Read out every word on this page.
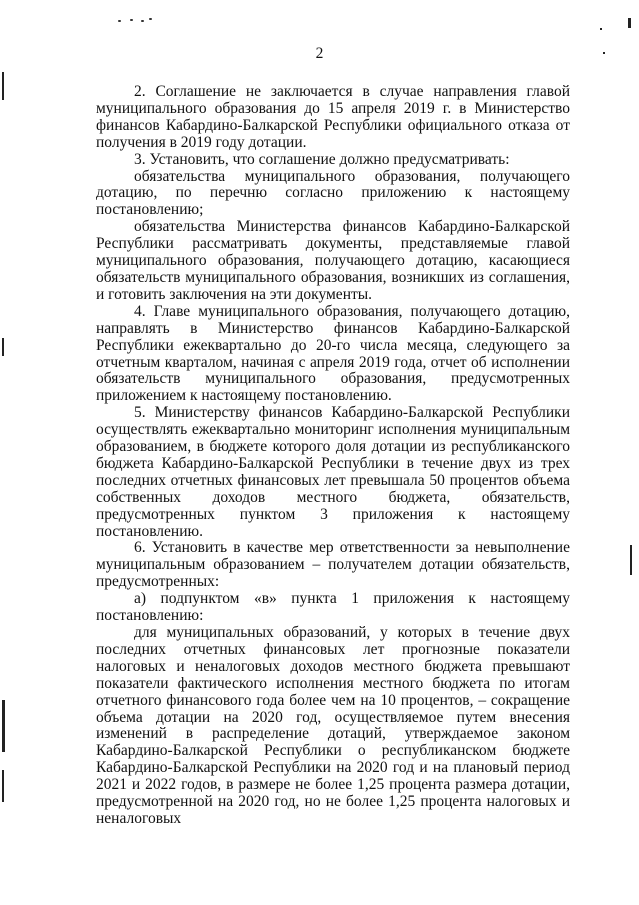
2

2. Соглашение не заключается в случае направления главой муниципального образования до 15 апреля 2019 г. в Министерство финансов Кабардино-Балкарской Республики официального отказа от получения в 2019 году дотации.

3. Установить, что соглашение должно предусматривать:

обязательства муниципального образования, получающего дотацию, по перечню согласно приложению к настоящему постановлению;

обязательства Министерства финансов Кабардино-Балкарской Республики рассматривать документы, представляемые главой муниципального образования, получающего дотацию, касающиеся обязательств муниципального образования, возникших из соглашения, и готовить заключения на эти документы.

4. Главе муниципального образования, получающего дотацию, направлять в Министерство финансов Кабардино-Балкарской Республики ежеквартально до 20-го числа месяца, следующего за отчетным кварталом, начиная с апреля 2019 года, отчет об исполнении обязательств муниципального образования, предусмотренных приложением к настоящему постановлению.

5. Министерству финансов Кабардино-Балкарской Республики осуществлять ежеквартально мониторинг исполнения муниципальным образованием, в бюджете которого доля дотации из республиканского бюджета Кабардино-Балкарской Республики в течение двух из трех последних отчетных финансовых лет превышала 50 процентов объема собственных доходов местного бюджета, обязательств, предусмотренных пунктом 3 приложения к настоящему постановлению.

6. Установить в качестве мер ответственности за невыполнение муниципальным образованием – получателем дотации обязательств, предусмотренных:

а) подпунктом «в» пункта 1 приложения к настоящему постановлению:

для муниципальных образований, у которых в течение двух последних отчетных финансовых лет прогнозные показатели налоговых и неналоговых доходов местного бюджета превышают показатели фактического исполнения местного бюджета по итогам отчетного финансового года более чем на 10 процентов, – сокращение объема дотации на 2020 год, осуществляемое путем внесения изменений в распределение дотаций, утверждаемое законом Кабардино-Балкарской Республики о республиканском бюджете Кабардино-Балкарской Республики на 2020 год и на плановый период 2021 и 2022 годов, в размере не более 1,25 процента размера дотации, предусмотренной на 2020 год, но не более 1,25 процента налоговых и неналоговых
